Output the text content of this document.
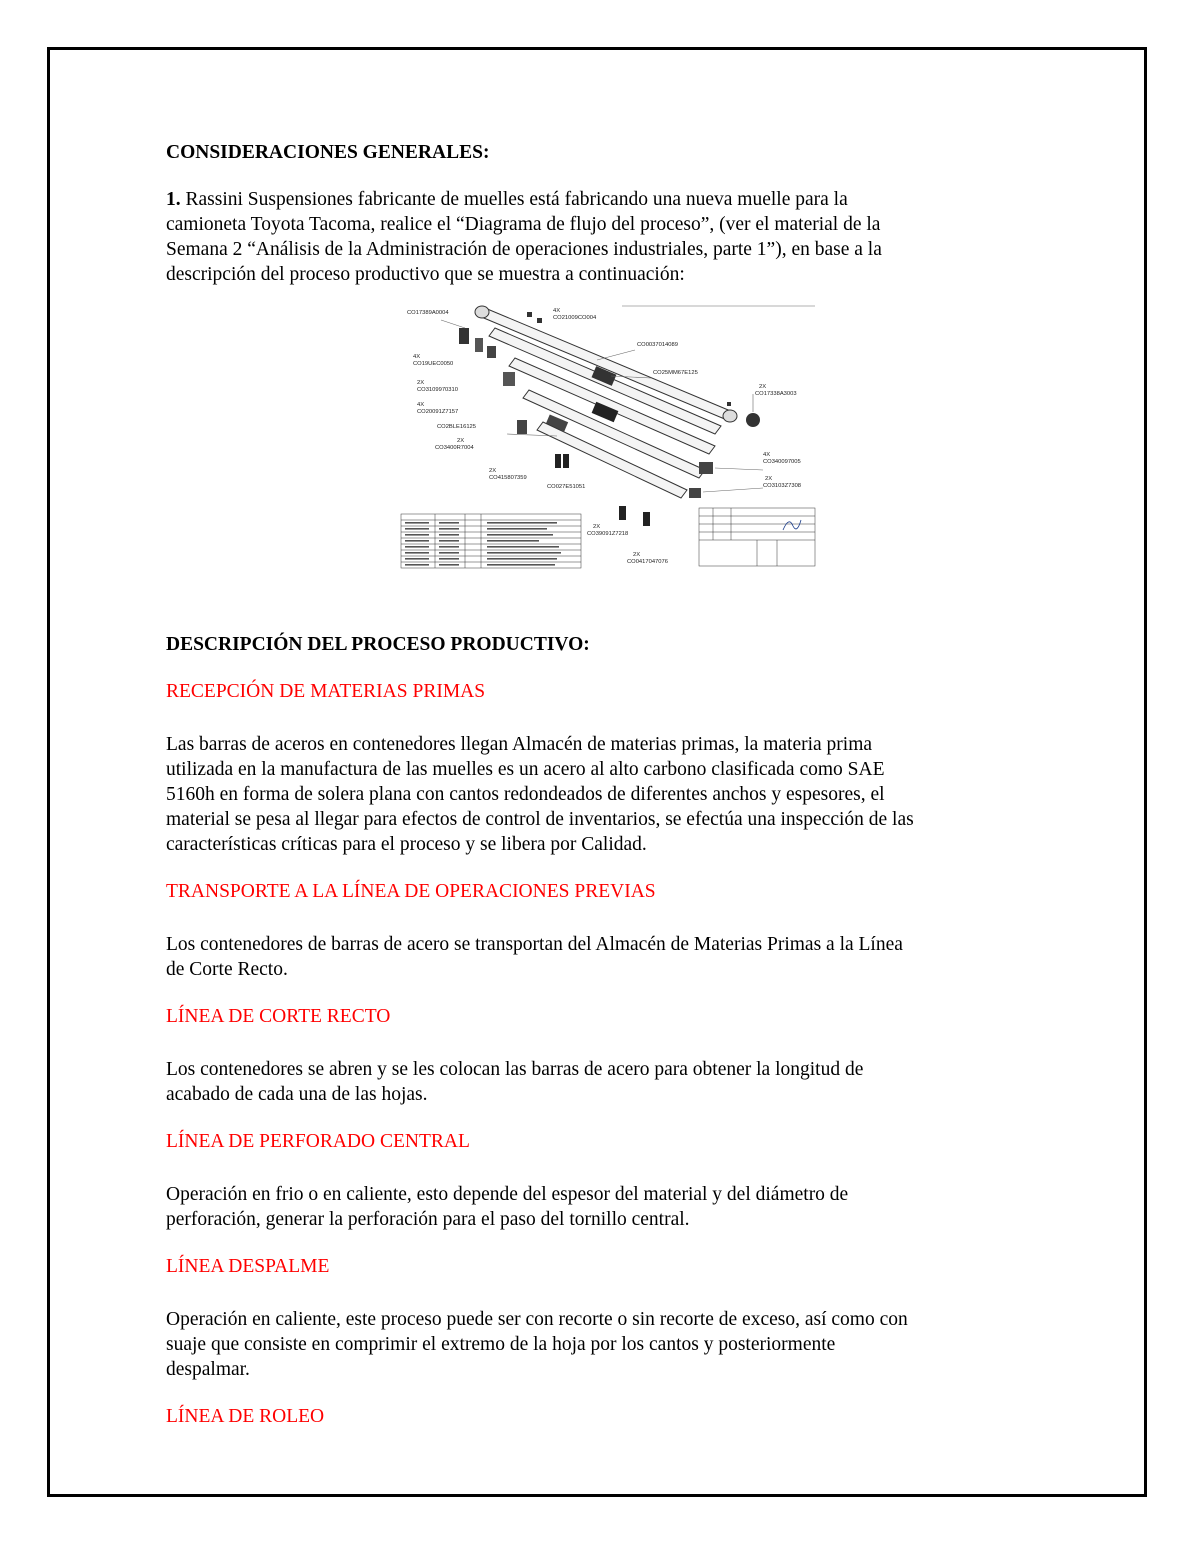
CONSIDERACIONES GENERALES:

1. Rassini Suspensiones fabricante de muelles está fabricando una nueva muelle para la

camioneta Toyota Tacoma, realice el “Diagrama de flujo del proceso”, (ver el material de la

Semana 2 “Análisis de la Administración de operaciones industriales, parte 1”), en base a la

descripción del proceso productivo que se muestra a continuación:

CO17389A0004	4X
CO21009CO004
4X
CO19UEC0050
2X
CO3109970310
4X
CO20091Z7157
CO2BLE16125
2X
CO3400R7004
2X
CO415807359
CO027E51051
CO0037014089
CO25MM67E125
2X
CO17338A3003
4X
CO340097005
2X
CO3103Z7308
2X
CO39091Z7218
2X
CO0417047076

DESCRIPCIÓN DEL PROCESO PRODUCTIVO:

RECEPCIÓN DE MATERIAS PRIMAS

Las barras de aceros en contenedores llegan Almacén de materias primas, la materia prima

utilizada en la manufactura de las muelles es un acero al alto carbono clasificada como SAE

5160h en forma de solera plana con cantos redondeados de diferentes anchos y espesores, el

material se pesa al llegar para efectos de control de inventarios, se efectúa una inspección de las

características críticas para el proceso y se libera por Calidad.

TRANSPORTE A LA LÍNEA DE OPERACIONES PREVIAS

Los contenedores de barras de acero se transportan del Almacén de Materias Primas a la Línea

de Corte Recto.

LÍNEA DE CORTE RECTO

Los contenedores se abren y se les colocan las barras de acero para obtener la longitud de

acabado de cada una de las hojas.

LÍNEA DE PERFORADO CENTRAL

Operación en frio o en caliente, esto depende del espesor del material y del diámetro de

perforación, generar la perforación para el paso del tornillo central.

LÍNEA DESPALME

Operación en caliente, este proceso puede ser con recorte o sin recorte de exceso, así como con

suaje que consiste en comprimir el extremo de la hoja por los cantos y posteriormente

despalmar.

LÍNEA DE ROLEO
